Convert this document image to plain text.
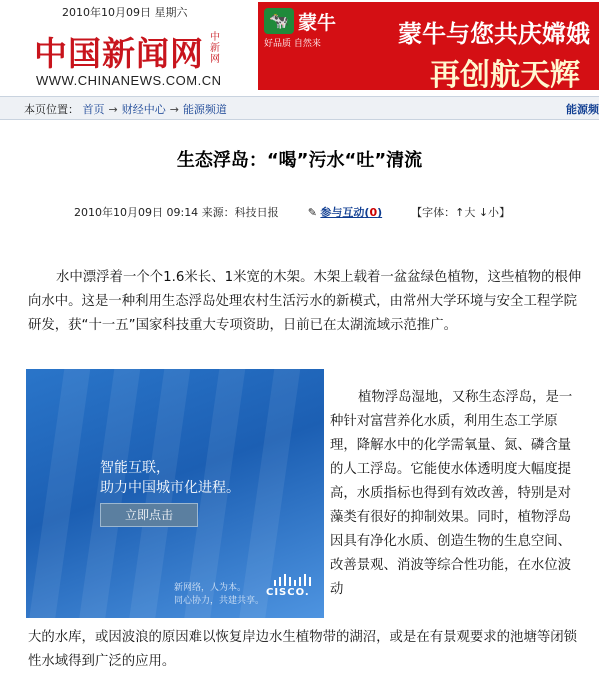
2010年10月09日 星期六
中国新闻网 中新网
WWW.CHINANEWS.COM.CN
🐄 蒙牛
好品质 自然来	蒙牛与您共庆嫦娥
再创航天辉
本页位置： 首页 → 财经中心 → 能源频道	能源频
生态浮岛：“喝”污水“吐”清流
2010年10月09日 09:14 来源：科技日报	✎ 参与互动(0)	【字体：↑大 ↓小】
水中漂浮着一个个1.6米长、1米宽的木架。木架上载着一盆盆绿色植物，这些植物的根伸向水中。这是一种利用生态浮岛处理农村生活污水的新模式，由常州大学环境与安全工程学院研发，获“十一五”国家科技重大专项资助，日前已在太湖流域示范推广。
智能互联，
助力中国城市化进程。
立即点击
新网络，人为本。
同心协力，共建共享。
CISCO.
植物浮岛湿地，又称生态浮岛，是一种针对富营养化水质，利用生态工学原理，降解水中的化学需氧量、氮、磷含量的人工浮岛。它能使水体透明度大幅度提高，水质指标也得到有效改善，特别是对藻类有很好的抑制效果。同时，植物浮岛因具有净化水质、创造生物的生息空间、改善景观、消波等综合性功能，在水位波动
大的水库，或因波浪的原因难以恢复岸边水生植物带的湖沼，或是在有景观要求的池塘等闭锁性水域得到广泛的应用。
